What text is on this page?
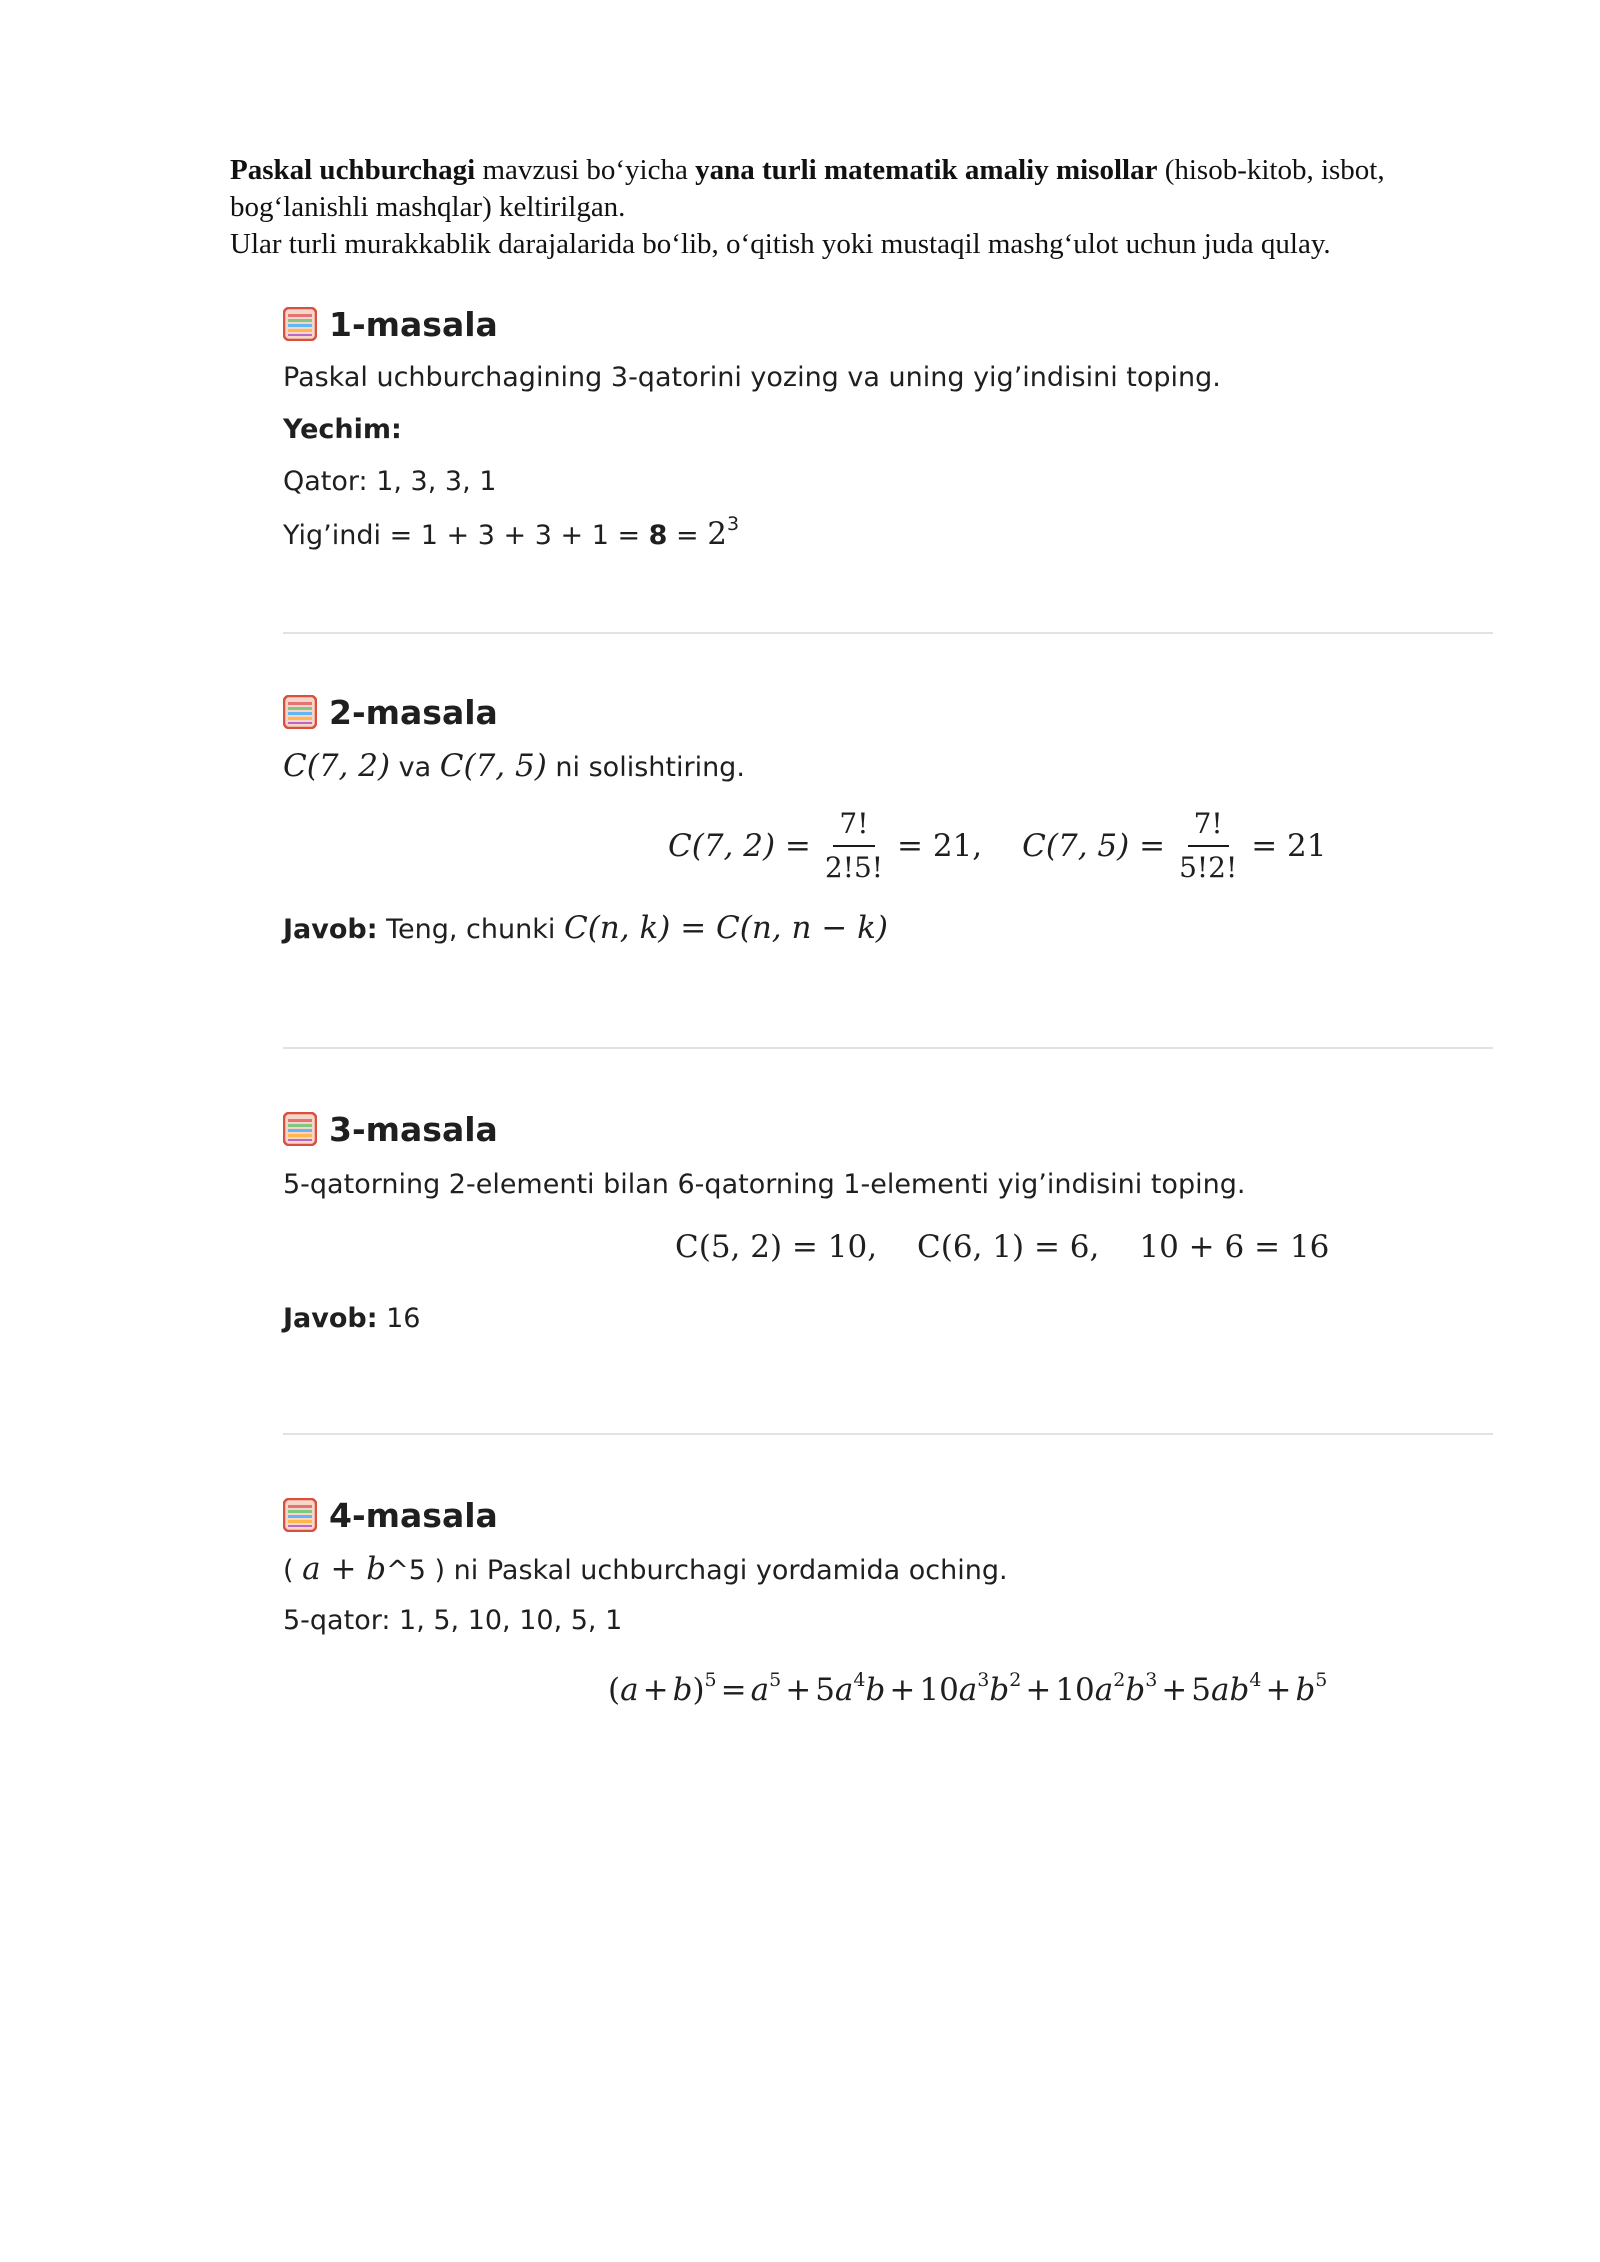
Paskal uchburchagi mavzusi bo‘yicha yana turli matematik amaliy misollar (hisob-kitob, isbot, bog‘lanishli mashqlar) keltirilgan.

Ular turli murakkablik darajalarida bo‘lib, o‘qitish yoki mustaqil mashg‘ulot uchun juda qulay.

1-masala
Paskal uchburchagining 3-qatorini yozing va uning yig’indisini toping.
Yechim:
Qator: 1, 3, 3, 1
Yig’indi = $1 + 3 + 3 + 1 = 8 = 2^3$
2-masala
C(7, 2) va C(7, 5) ni solishtiring.
C(7, $2) = \frac{7!}{2!5!} = 21$, C(7, $5) = \frac{7!}{5!2!} = 21$
Javob: Teng, chunki C(n, k) = C(n, n − k)
3-masala
5-qatorning 2-elementi bilan 6-qatorning 1-elementi yig’indisini toping.
C(5, 2) = 10, C(6, 1) = 6, 10 + 6 = 16
Javob: 16
4-masala
( a + b^5 ) ni Paskal uchburchagi yordamida oching.
5-qator: 1, 5, 10, 10, 5, 1
$(a + b)^5 = a^5 + 5a^4b + 10a^3b^2 + 10a^2b^3 + 5ab^4 + b^5$
